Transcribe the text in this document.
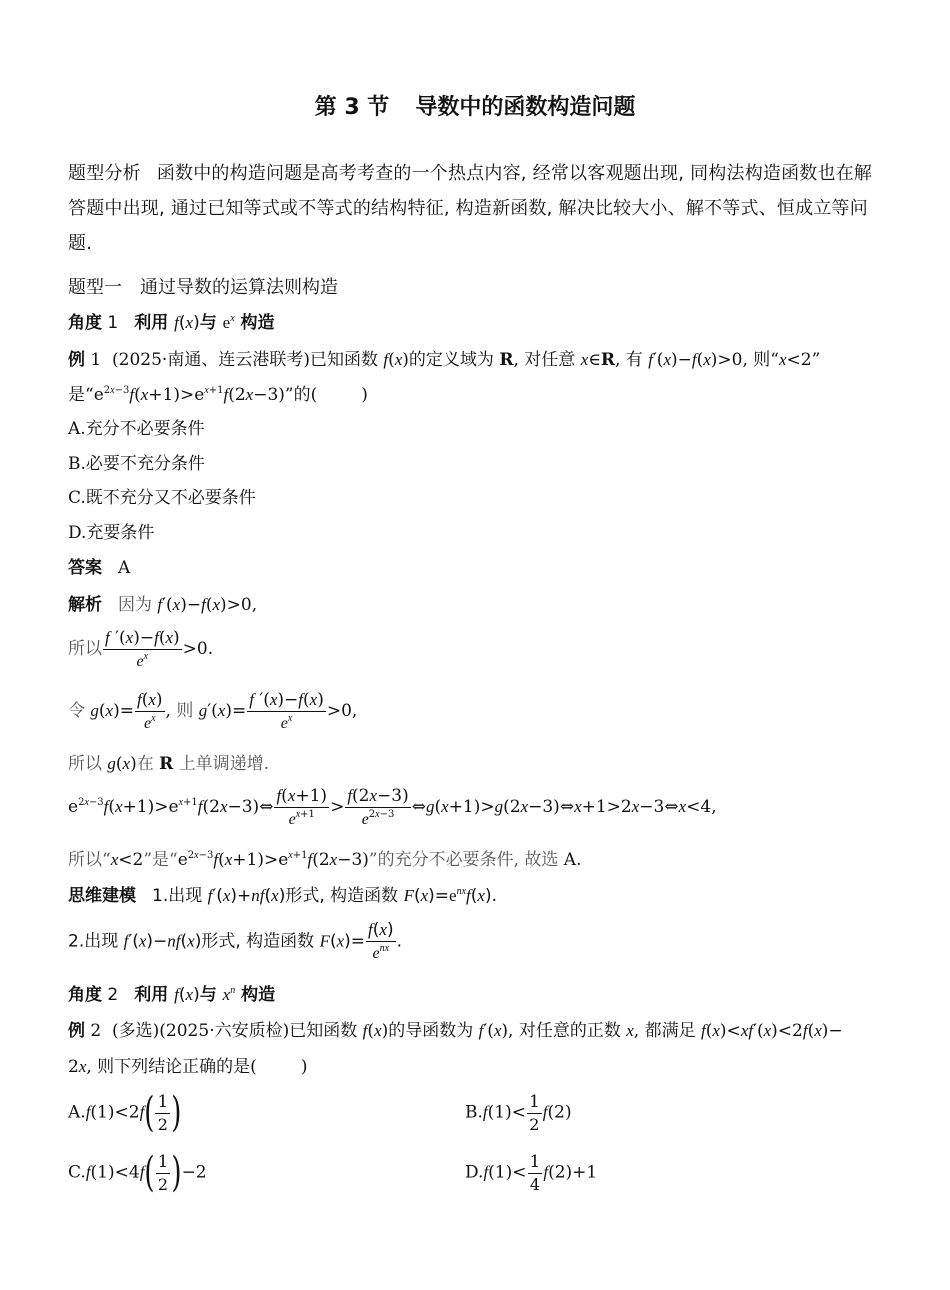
第 3 节 导数中的函数构造问题
题型分析 函数中的构造问题是高考考查的一个热点内容, 经常以客观题出现, 同构法构造函数也在解答题中出现, 通过已知等式或不等式的结构特征, 构造新函数, 解决比较大小、解不等式、恒成立等问题.
题型一　通过导数的运算法则构造
角度 1 利用 f(x)与 $e^x$ 构造
例 1  (2025·南通、连云港联考)已知函数 f(x)的定义域为 R, 对任意 x∈R, 有 f′(x)−f(x)>0, 则“x<2”
是“$e^{2x-3}f(x+1)>e^{x+1}f(2x-3)$”的(	)
A.充分不必要条件
B.必要不充分条件
C.既不充分又不必要条件
D.充要条件
答案 A
解析 因为 f′(x)−f(x)>0,
所以 $\frac{f '(x)-f(x)}{e^x} >0$.
令 $g(x)= \frac{f(x)}{e^x}$ , 则 $g'(x)= \frac{f '(x)-f(x)}{e^x} >0$,
所以 g(x)在 R 上单调递增.
$e^{2x-3}f(x+1)>e^{x+1}f(2x-3)\Leftrightarrow \frac{f(x+1)}{e^{x+1}} > \frac{f(2x-3)}{e^{2x-3}}$ ⇔g(x+1)>g(2x−3)⇔x+1>2x−3⇔x<4,
所以“x<2”是“$e^{2x-3}f(x+1)>e^{x+1}f(2x-3)$”的充分不必要条件, 故选 A.
思维建模 1.出现 f′(x)+nf(x)形式, 构造函数 $F(x)=e^{nx}f(x)$.
2.出现 f′(x)−nf(x)形式, 构造函数 $F(x)= \frac{f(x)}{e^{nx}}$ .
角度 2 利用 f(x)与 $x^n$ 构造
例 2  (多选)(2025·六安质检)已知函数 f(x)的导函数为 f′(x), 对任意的正数 x, 都满足 f(x)<xf′(x)<2f(x)−
2x, 则下列结论正确的是(	)
$A.f(1)<2f( \frac{1}{2}$ )	$B.f(1)< \frac{1}{2} f(2)$
$C.f(1)<4f( \frac{1}{2} )-2$	$D.f(1)< \frac{1}{4} f(2)+1$
